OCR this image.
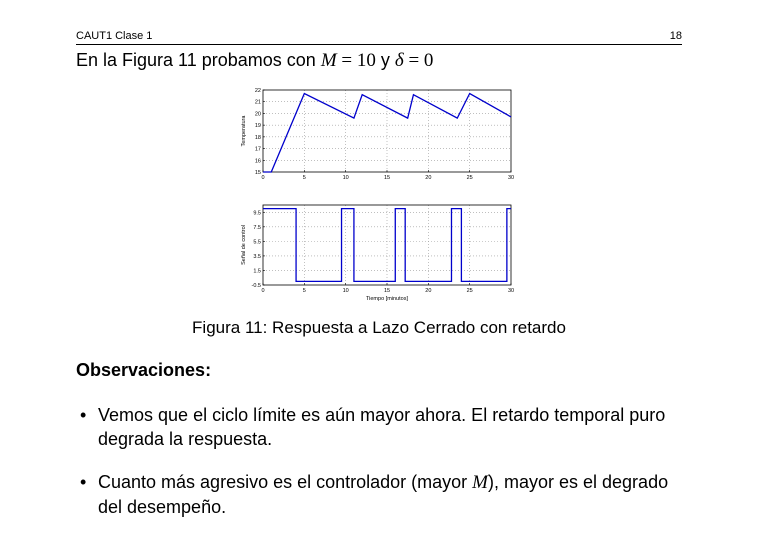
CAUT1 Clase 1	18
En la Figura 11 probamos con M = 10 y δ = 0
0	5	10	15	20	25	30
15
16
17
18
19
20
21
22
Temperatura
0	5	10	15	20	25	30
-0.5
1.5
3.5
5.5
7.5
9.5
Señal de control
Tiempo [minutos]
Figura 11: Respuesta a Lazo Cerrado con retardo
Observaciones:
• Vemos que el ciclo límite es aún mayor ahora. El retardo temporal puro degrada la respuesta.
• Cuanto más agresivo es el controlador (mayor M), mayor es el degrado del desempeño.
